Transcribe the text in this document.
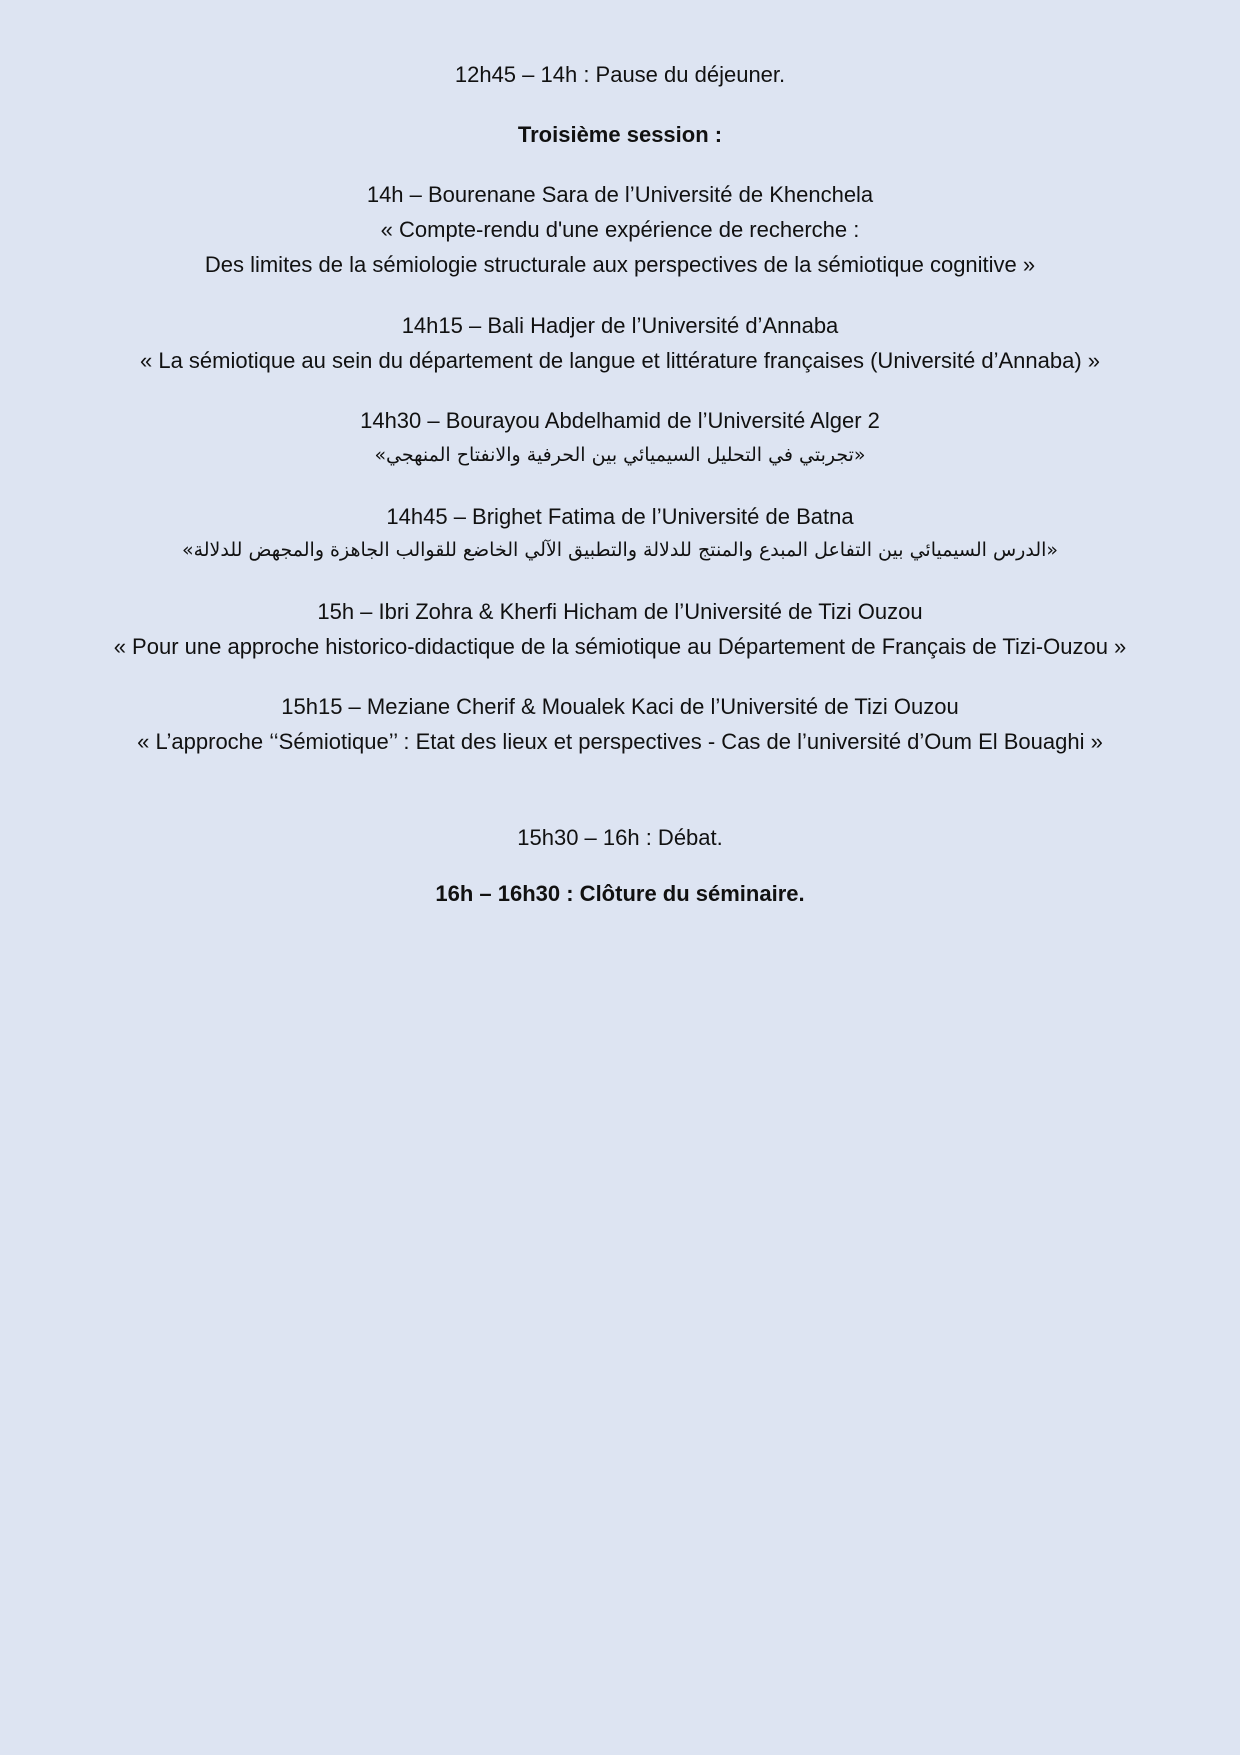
12h45 – 14h : Pause du déjeuner.
Troisième session :
14h – Bourenane Sara de l’Université de Khenchela
« Compte-rendu d'une expérience de recherche :
Des limites de la sémiologie structurale aux perspectives de la sémiotique cognitive »
14h15 – Bali Hadjer de l’Université d’Annaba
« La sémiotique au sein du département de langue et littérature françaises (Université d’Annaba) »
14h30 – Bourayou Abdelhamid de l’Université Alger 2
«تجربتي في التحليل السيميائي بين الحرفية والانفتاح المنهجي»
14h45 – Brighet Fatima de l’Université de Batna
«الدرس السيميائي بين التفاعل المبدع والمنتج للدلالة والتطبيق الآلي الخاضع للقوالب الجاهزة والمجهض للدلالة»
15h – Ibri Zohra & Kherfi Hicham de l’Université de Tizi Ouzou
« Pour une approche historico-didactique de la sémiotique au Département de Français de Tizi-Ouzou »
15h15 – Meziane Cherif & Moualek Kaci de l’Université de Tizi Ouzou
« L’approche ‘‘Sémiotique’’ : Etat des lieux et perspectives - Cas de l’université d’Oum El Bouaghi »
15h30 – 16h : Débat.
16h – 16h30 : Clôture du séminaire.
